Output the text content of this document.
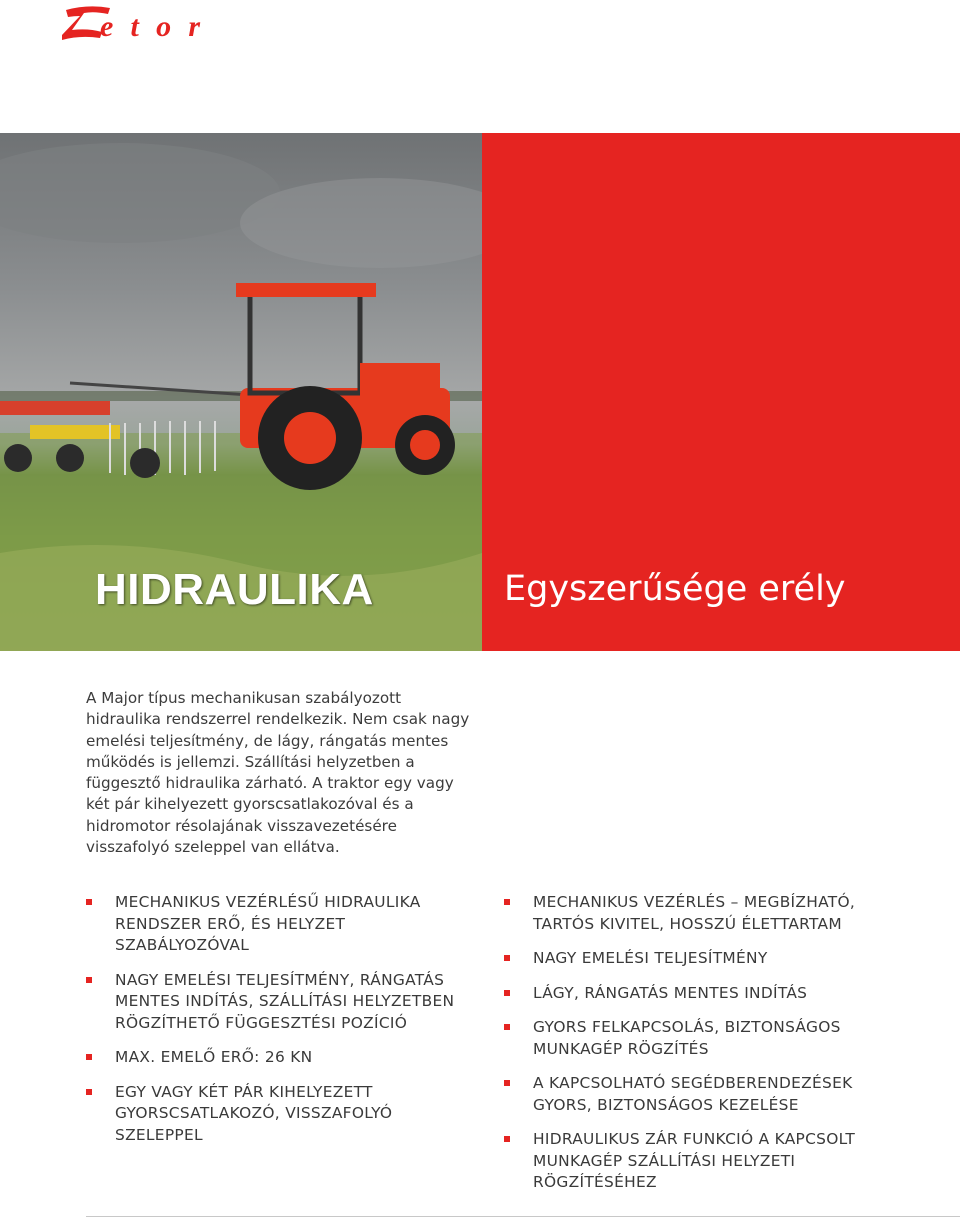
etor
HIDRAULIKA	Egyszerűsége erély

A Major típus mechanikusan szabályozott hidraulika rendszerrel rendelkezik. Nem csak nagy emelési teljesítmény, de lágy, rángatás mentes működés is jellemzi. Szállítási helyzetben a függesztő hidraulika zárható. A traktor egy vagy két pár kihelyezett gyorscsatlakozóval és a hidromotor résolajának visszavezetésére visszafolyó szeleppel van ellátva.

MECHANIKUS VEZÉRLÉSŰ HIDRAULIKA RENDSZER ERŐ, ÉS HELYZET SZABÁLYOZÓVAL
NAGY EMELÉSI TELJESÍTMÉNY, RÁNGATÁS MENTES INDÍTÁS, SZÁLLÍTÁSI HELYZETBEN RÖGZÍTHETŐ FÜGGESZTÉSI POZÍCIÓ
MAX. EMELŐ ERŐ: 26 KN
EGY VAGY KÉT PÁR KIHELYEZETT GYORSCSATLAKOZÓ, VISSZAFOLYÓ SZELEPPEL
MECHANIKUS VEZÉRLÉS – MEGBÍZHATÓ, TARTÓS KIVITEL, HOSSZÚ ÉLETTARTAM
NAGY EMELÉSI TELJESÍTMÉNY
LÁGY, RÁNGATÁS MENTES INDÍTÁS
GYORS FELKAPCSOLÁS, BIZTONSÁGOS MUNKAGÉP RÖGZÍTÉS
A KAPCSOLHATÓ SEGÉDBERENDEZÉSEK GYORS, BIZTONSÁGOS KEZELÉSE
HIDRAULIKUS ZÁR FUNKCIÓ A KAPCSOLT MUNKAGÉP SZÁLLÍTÁSI HELYZETI RÖGZÍTÉSÉHEZ
